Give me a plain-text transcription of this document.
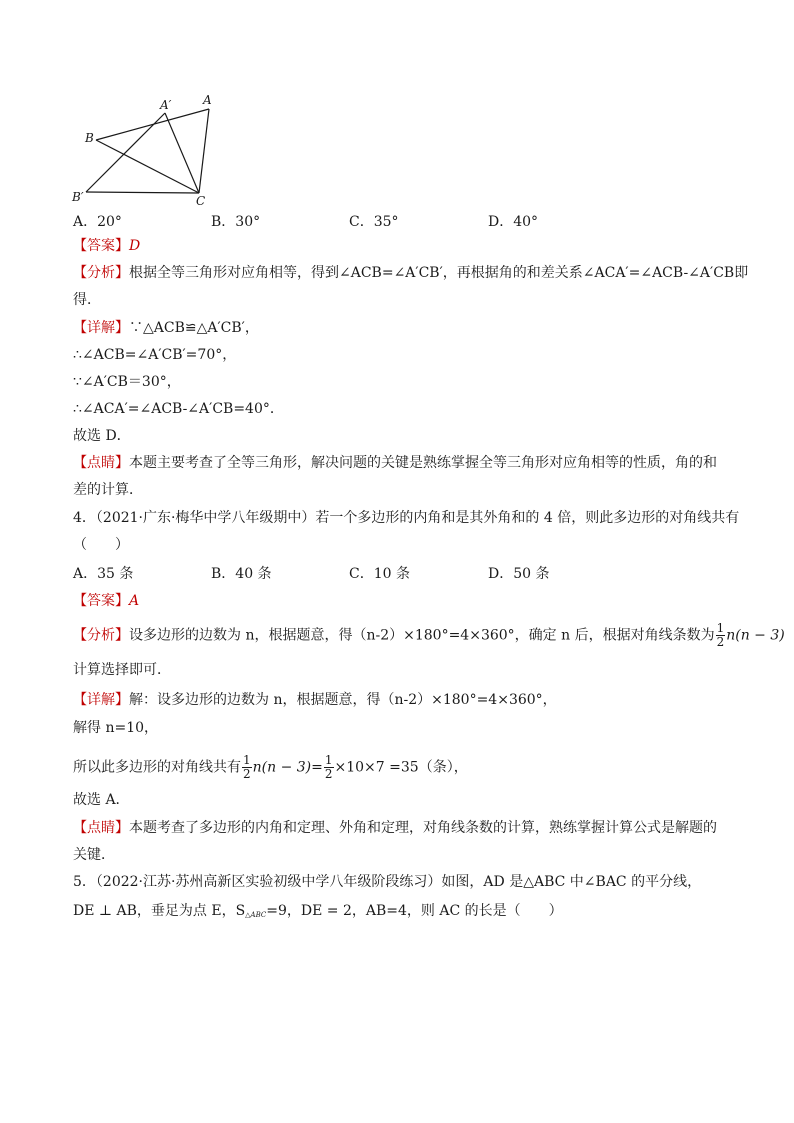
A′	A
B
B′	C
A．20°	B．30°	C．35°	D．40°
【答案】D
【分析】根据全等三角形对应角相等，得到∠ACB=∠A′CB′，再根据角的和差关系∠ACA′=∠ACB-∠A′CB即
得．
【详解】∵△ACB≌△A′CB′，
∴∠ACB=∠A′CB′=70°，
∵∠A′CB＝30°，
∴∠ACA′=∠ACB-∠A′CB=40°．
故选 D．
【点睛】本题主要考查了全等三角形，解决问题的关键是熟练掌握全等三角形对应角相等的性质，角的和
差的计算．
4．（2021·广东·梅华中学八年级期中）若一个多边形的内角和是其外角和的 4 倍，则此多边形的对角线共有
（　　）
A．35 条	B．40 条	C．10 条	D．50 条
【答案】A
【分析】设多边形的边数为 n，根据题意，得（n-2）×180°=4×360°，确定 n 后，根据对角线条数为 $\frac{1}{2} n(n - 3)$
计算选择即可．
【详解】解：设多边形的边数为 n，根据题意，得（n-2）×180°=4×360°，
解得 n=10，
所以此多边形的对角线共有 $\frac{1}{2} n(n - 3)= \frac{1}{2} \times 10\times 7 =35$（条），
故选 A．
【点睛】本题考查了多边形的内角和定理、外角和定理，对角线条数的计算，熟练掌握计算公式是解题的
关键．
5．（2022·江苏·苏州高新区实验初级中学八年级阶段练习）如图，AD 是△ABC 中∠BAC 的平分线，
DE ⊥ AB，垂足为点 E，$S_{\triangle ABC}=9$，DE = 2，AB=4，则 AC 的长是（　　）
